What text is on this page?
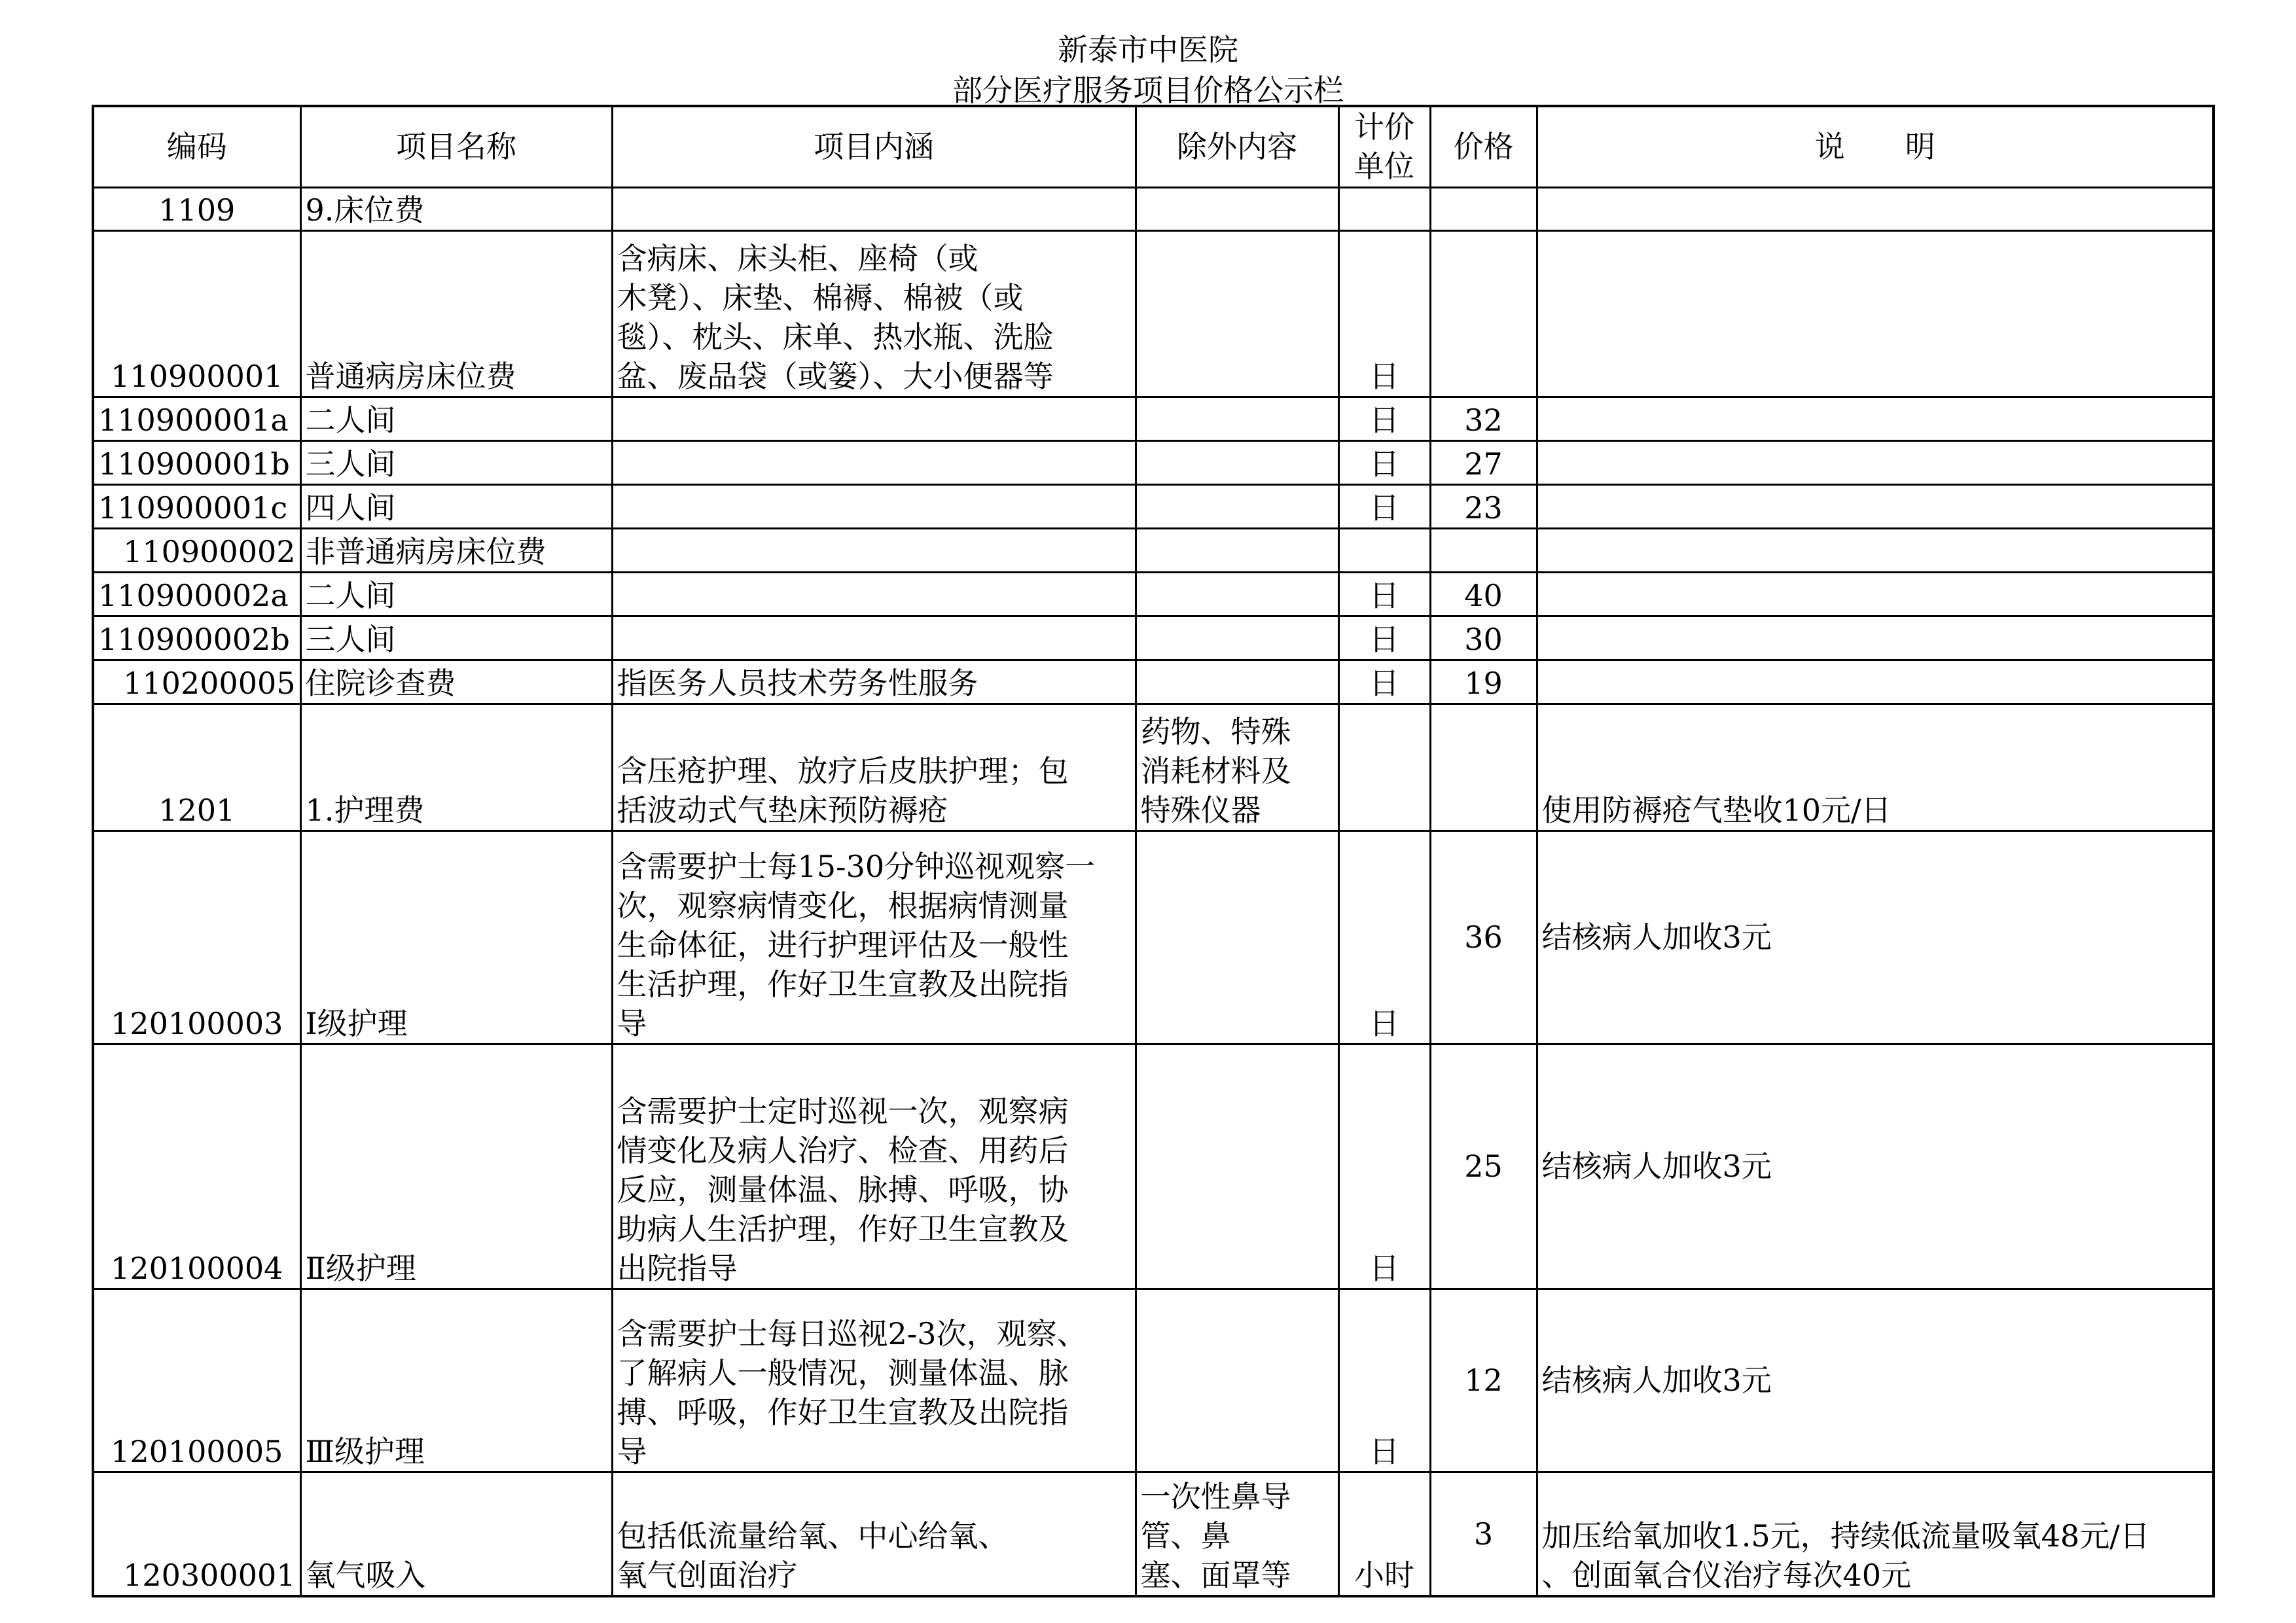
新泰市中医院
部分医疗服务项目价格公示栏
编码	项目名称	项目内涵	除外内容	计价
单位	价格	说　　明
1109	9.床位费					
110900001	普通病房床位费	含病床、床头柜、座椅（或
木凳）、床垫、棉褥、棉被（或
毯）、枕头、床单、热水瓶、洗脸
盆、废品袋（或篓）、大小便器等		日		
110900001a	二人间			日	32	
110900001b	三人间			日	27	
110900001c	四人间			日	23	
110900002	非普通病房床位费					
110900002a	二人间			日	40	
110900002b	三人间			日	30	
110200005	住院诊查费	指医务人员技术劳务性服务		日	19	
1201	1.护理费	含压疮护理、放疗后皮肤护理；包
括波动式气垫床预防褥疮	药物、特殊
消耗材料及
特殊仪器			使用防褥疮气垫收10元/日
120100003	Ⅰ级护理	含需要护士每15-30分钟巡视观察一
次，观察病情变化，根据病情测量
生命体征，进行护理评估及一般性
生活护理，作好卫生宣教及出院指
导		日	36	结核病人加收3元
120100004	Ⅱ级护理	含需要护士定时巡视一次，观察病
情变化及病人治疗、检查、用药后
反应，测量体温、脉搏、呼吸，协
助病人生活护理，作好卫生宣教及
出院指导		日	25	结核病人加收3元
120100005	Ⅲ级护理	含需要护士每日巡视2-3次，观察、
了解病人一般情况，测量体温、脉
搏、呼吸，作好卫生宣教及出院指
导		日	12	结核病人加收3元
120300001	氧气吸入	包括低流量给氧、中心给氧、
氧气创面治疗	一次性鼻导
管、鼻
塞、面罩等	小时	3	加压给氧加收1.5元，持续低流量吸氧48元/日
、创面氧合仪治疗每次40元
